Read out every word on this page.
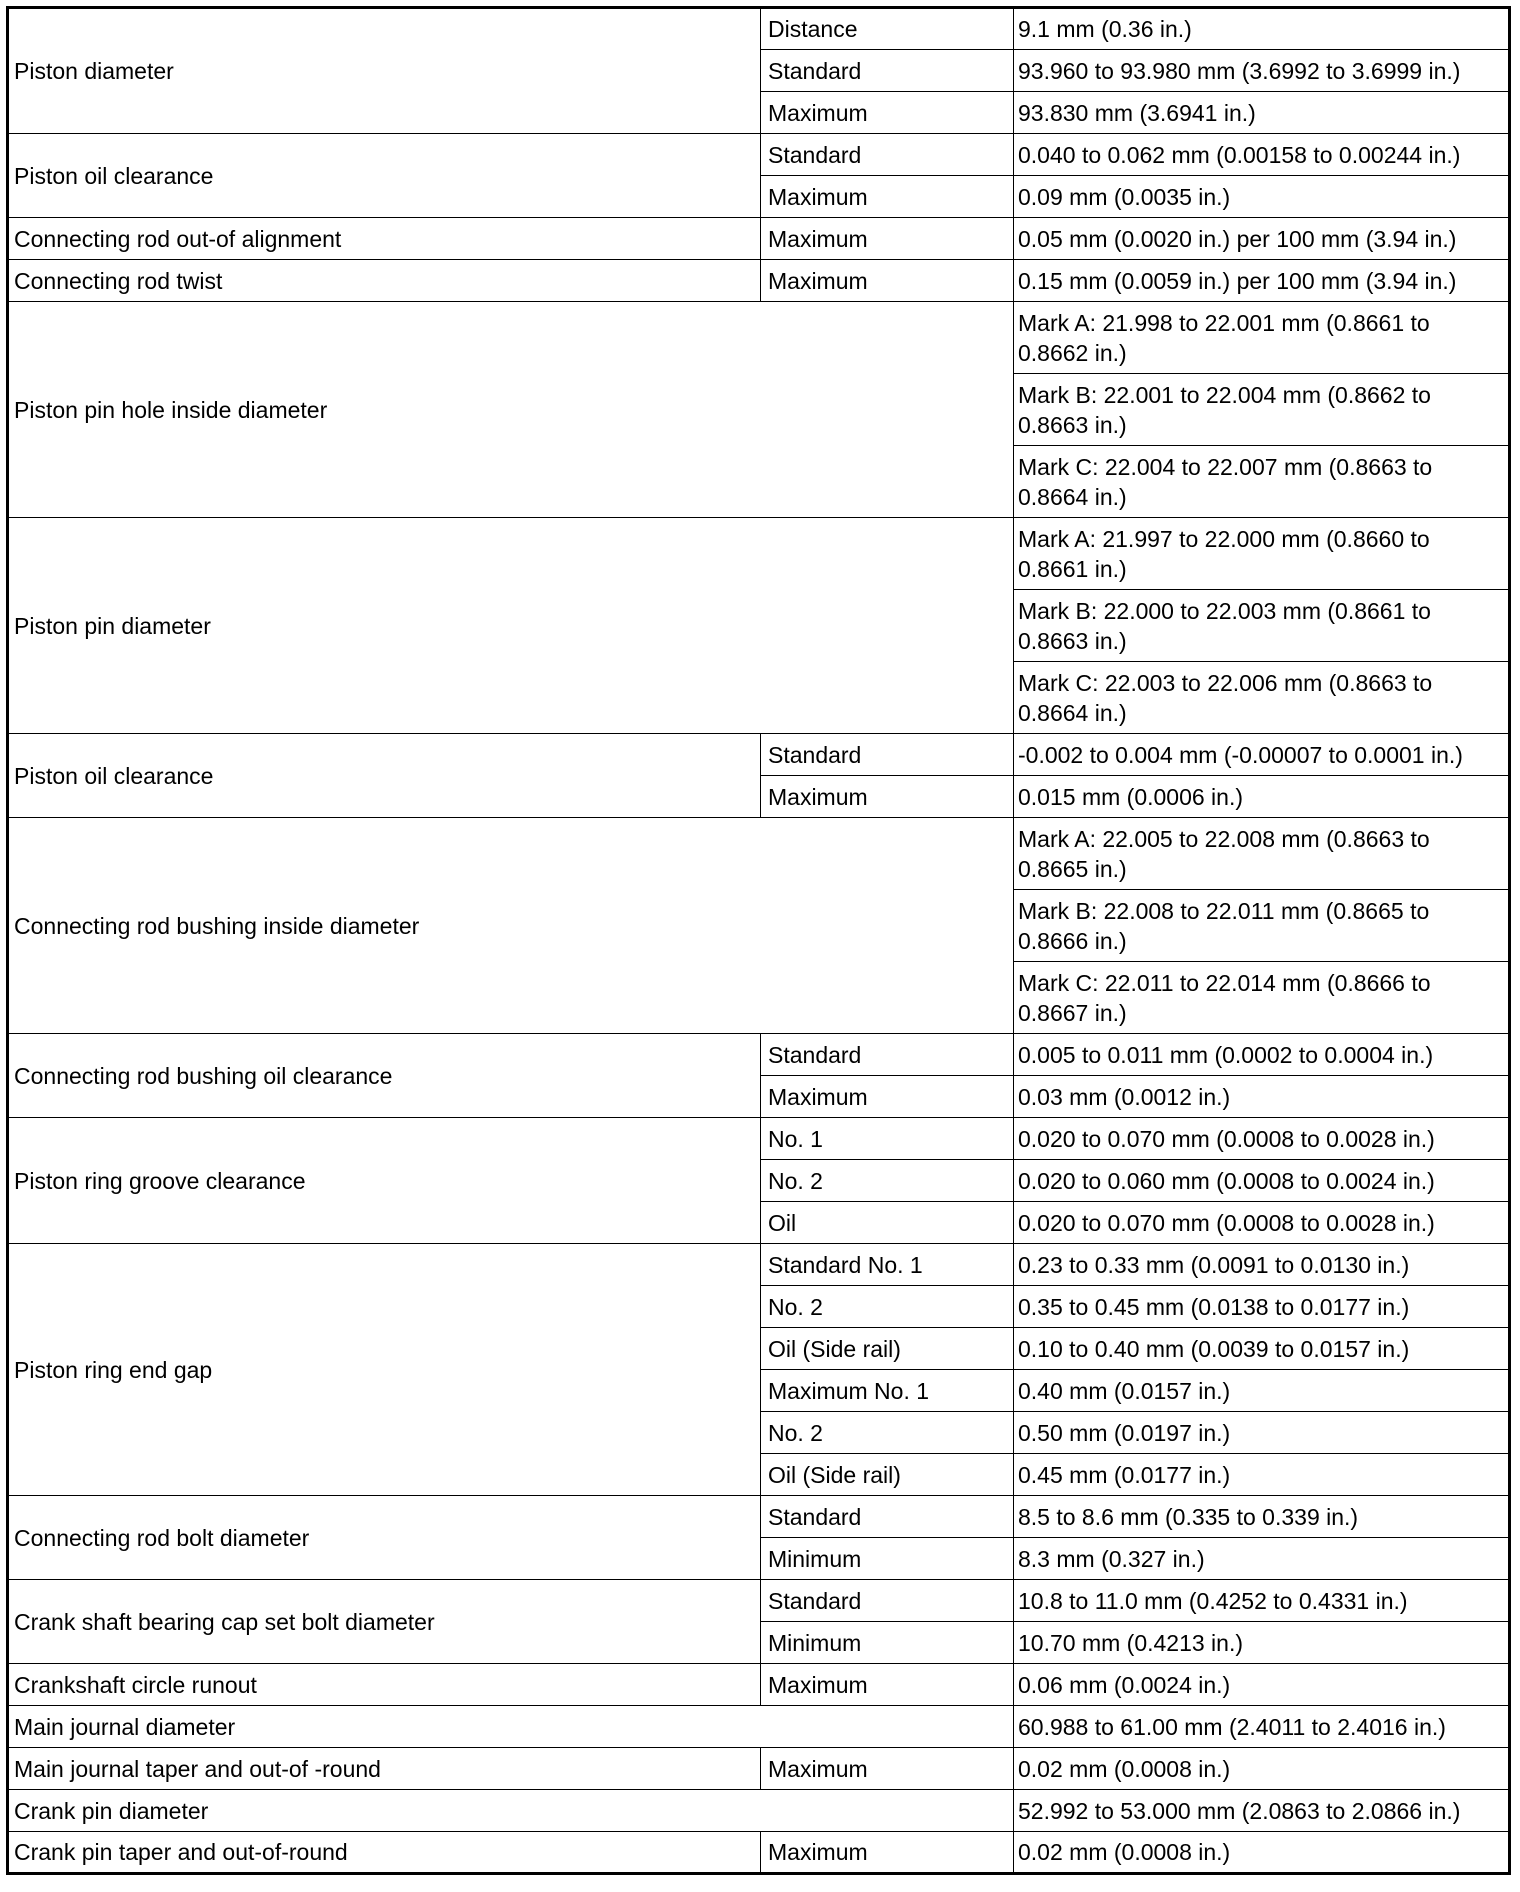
Piston diameter	Distance	9.1 mm (0.36 in.)
	Standard	93.960 to 93.980 mm (3.6992 to 3.6999 in.)
	Maximum	93.830 mm (3.6941 in.)
Piston oil clearance	Standard	0.040 to 0.062 mm (0.00158 to 0.00244 in.)
	Maximum	0.09 mm (0.0035 in.)
Connecting rod out-of alignment	Maximum	0.05 mm (0.0020 in.) per 100 mm (3.94 in.)
Connecting rod twist	Maximum	0.15 mm (0.0059 in.) per 100 mm (3.94 in.)
Piston pin hole inside diameter		Mark A: 21.998 to 22.001 mm (0.8661 to 0.8662 in.)
		Mark B: 22.001 to 22.004 mm (0.8662 to 0.8663 in.)
		Mark C: 22.004 to 22.007 mm (0.8663 to 0.8664 in.)
Piston pin diameter		Mark A: 21.997 to 22.000 mm (0.8660 to 0.8661 in.)
		Mark B: 22.000 to 22.003 mm (0.8661 to 0.8663 in.)
		Mark C: 22.003 to 22.006 mm (0.8663 to 0.8664 in.)
Piston oil clearance	Standard	-0.002 to 0.004 mm (-0.00007 to 0.0001 in.)
	Maximum	0.015 mm (0.0006 in.)
Connecting rod bushing inside diameter		Mark A: 22.005 to 22.008 mm (0.8663 to 0.8665 in.)
		Mark B: 22.008 to 22.011 mm (0.8665 to 0.8666 in.)
		Mark C: 22.011 to 22.014 mm (0.8666 to 0.8667 in.)
Connecting rod bushing oil clearance	Standard	0.005 to 0.011 mm (0.0002 to 0.0004 in.)
	Maximum	0.03 mm (0.0012 in.)
Piston ring groove clearance	No. 1	0.020 to 0.070 mm (0.0008 to 0.0028 in.)
	No. 2	0.020 to 0.060 mm (0.0008 to 0.0024 in.)
	Oil	0.020 to 0.070 mm (0.0008 to 0.0028 in.)
Piston ring end gap	Standard No. 1	0.23 to 0.33 mm (0.0091 to 0.0130 in.)
	No. 2	0.35 to 0.45 mm (0.0138 to 0.0177 in.)
	Oil (Side rail)	0.10 to 0.40 mm (0.0039 to 0.0157 in.)
	Maximum No. 1	0.40 mm (0.0157 in.)
	No. 2	0.50 mm (0.0197 in.)
	Oil (Side rail)	0.45 mm (0.0177 in.)
Connecting rod bolt diameter	Standard	8.5 to 8.6 mm (0.335 to 0.339 in.)
	Minimum	8.3 mm (0.327 in.)
Crank shaft bearing cap set bolt diameter	Standard	10.8 to 11.0 mm (0.4252 to 0.4331 in.)
	Minimum	10.70 mm (0.4213 in.)
Crankshaft circle runout	Maximum	0.06 mm (0.0024 in.)
Main journal diameter		60.988 to 61.00 mm (2.4011 to 2.4016 in.)
Main journal taper and out-of -round	Maximum	0.02 mm (0.0008 in.)
Crank pin diameter		52.992 to 53.000 mm (2.0863 to 2.0866 in.)
Crank pin taper and out-of-round	Maximum	0.02 mm (0.0008 in.)
